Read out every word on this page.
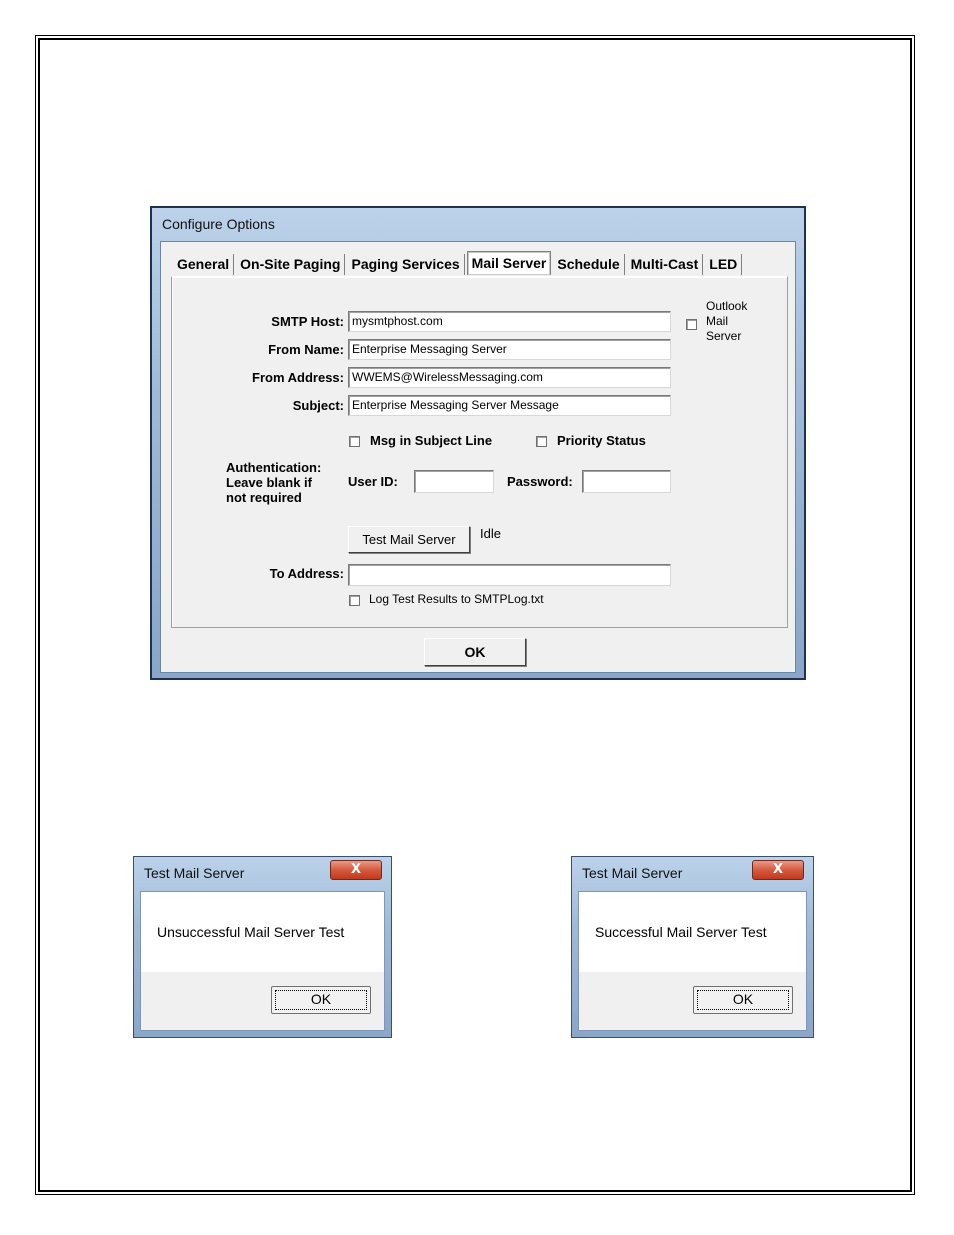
Configure Options
General On-Site Paging Paging Services Mail Server Schedule Multi-Cast LED
SMTP Host: mysmtphost.com
From Name: Enterprise Messaging Server
From Address: WWEMS@WirelessMessaging.com
Subject: Enterprise Messaging Server Message
Outlook
Mail
Server
Msg in Subject Line	Priority Status
Authentication:
Leave blank if
not required
User ID:	Password:
Test Mail Server	Idle
To Address:
Log Test Results to SMTPLog.txt
OK
Test Mail Server	X
Unsuccessful Mail Server Test
OK
Test Mail Server	X
Successful Mail Server Test
OK
